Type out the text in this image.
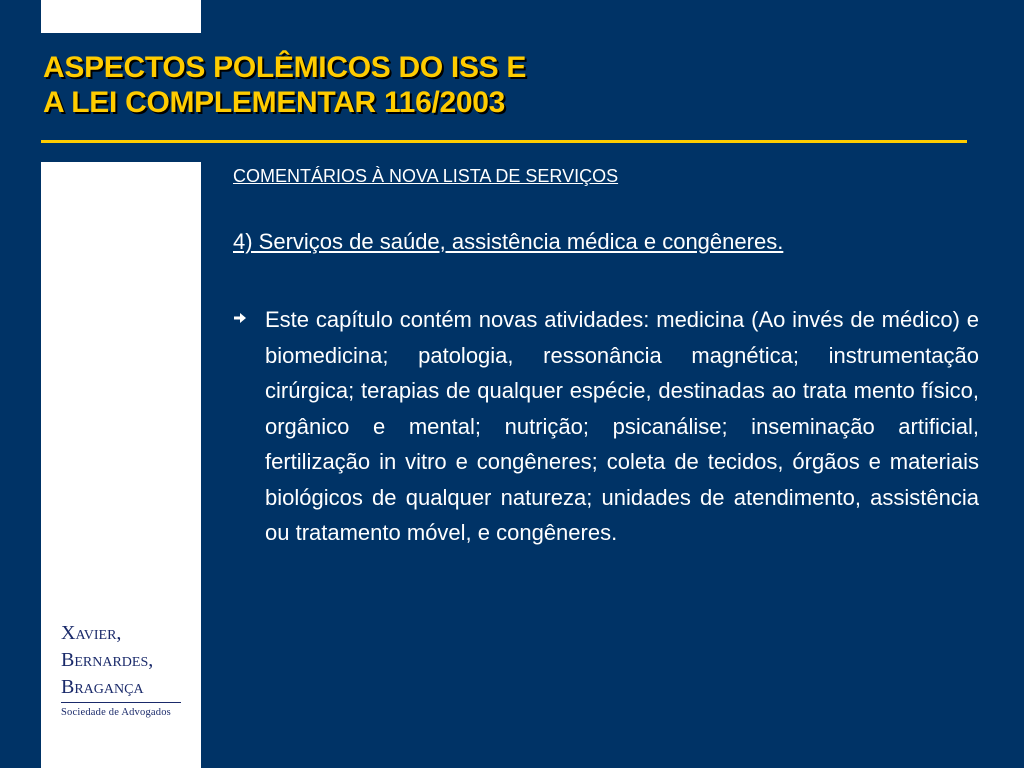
ASPECTOS POLÊMICOS DO ISS E
A LEI COMPLEMENTAR 116/2003
Xavier,
Bernardes,
Bragança
Sociedade de Advogados
COMENTÁRIOS À NOVA LISTA DE SERVIÇOS
4) Serviços de saúde, assistência médica e congêneres.
Este capítulo contém novas atividades: medicina (Ao invés de médico) e biomedicina; patologia, ressonância magnética; instrumentação cirúrgica; terapias de qualquer espécie, destinadas ao trata mento físico, orgânico e mental; nutrição; psicanálise; inseminação artificial, fertilização in vitro e congêneres; coleta de tecidos, órgãos e materiais biológicos de qualquer natureza; unidades de atendimento, assistência ou tratamento móvel, e congêneres.
